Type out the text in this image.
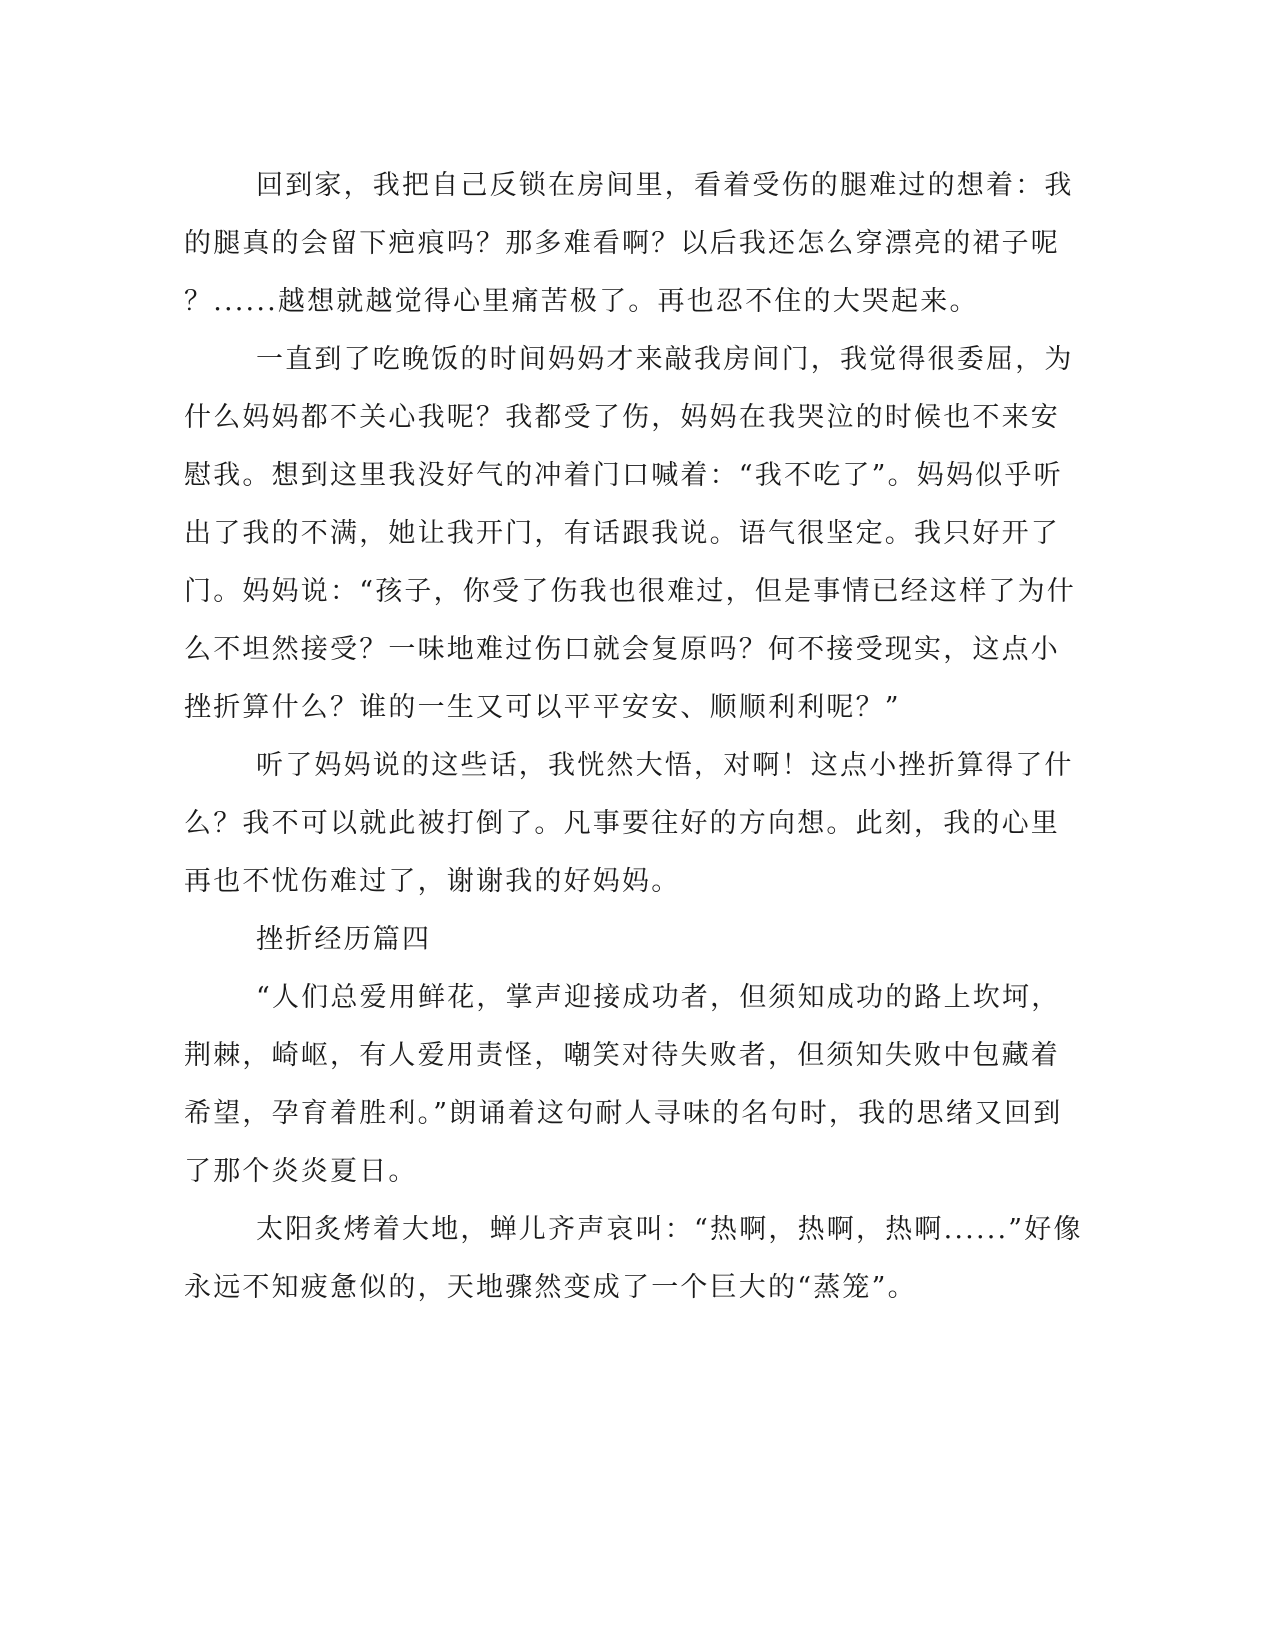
回到家，我把自己反锁在房间里，看着受伤的腿难过的想着：我
的腿真的会留下疤痕吗？那多难看啊？以后我还怎么穿漂亮的裙子呢
？......越想就越觉得心里痛苦极了。再也忍不住的大哭起来。
一直到了吃晚饭的时间妈妈才来敲我房间门，我觉得很委屈，为
什么妈妈都不关心我呢？我都受了伤，妈妈在我哭泣的时候也不来安
慰我。想到这里我没好气的冲着门口喊着：“我不吃了”。妈妈似乎听
出了我的不满，她让我开门，有话跟我说。语气很坚定。我只好开了
门。妈妈说：“孩子，你受了伤我也很难过，但是事情已经这样了为什
么不坦然接受？一味地难过伤口就会复原吗？何不接受现实，这点小
挫折算什么？谁的一生又可以平平安安、顺顺利利呢？”
听了妈妈说的这些话，我恍然大悟，对啊！这点小挫折算得了什
么？我不可以就此被打倒了。凡事要往好的方向想。此刻，我的心里
再也不忧伤难过了，谢谢我的好妈妈。
挫折经历篇四
“人们总爱用鲜花，掌声迎接成功者，但须知成功的路上坎坷，
荆棘，崎岖，有人爱用责怪，嘲笑对待失败者，但须知失败中包藏着
希望，孕育着胜利。”朗诵着这句耐人寻味的名句时，我的思绪又回到
了那个炎炎夏日。
太阳炙烤着大地，蝉儿齐声哀叫：“热啊，热啊，热啊......”好像
永远不知疲惫似的，天地骤然变成了一个巨大的“蒸笼”。
